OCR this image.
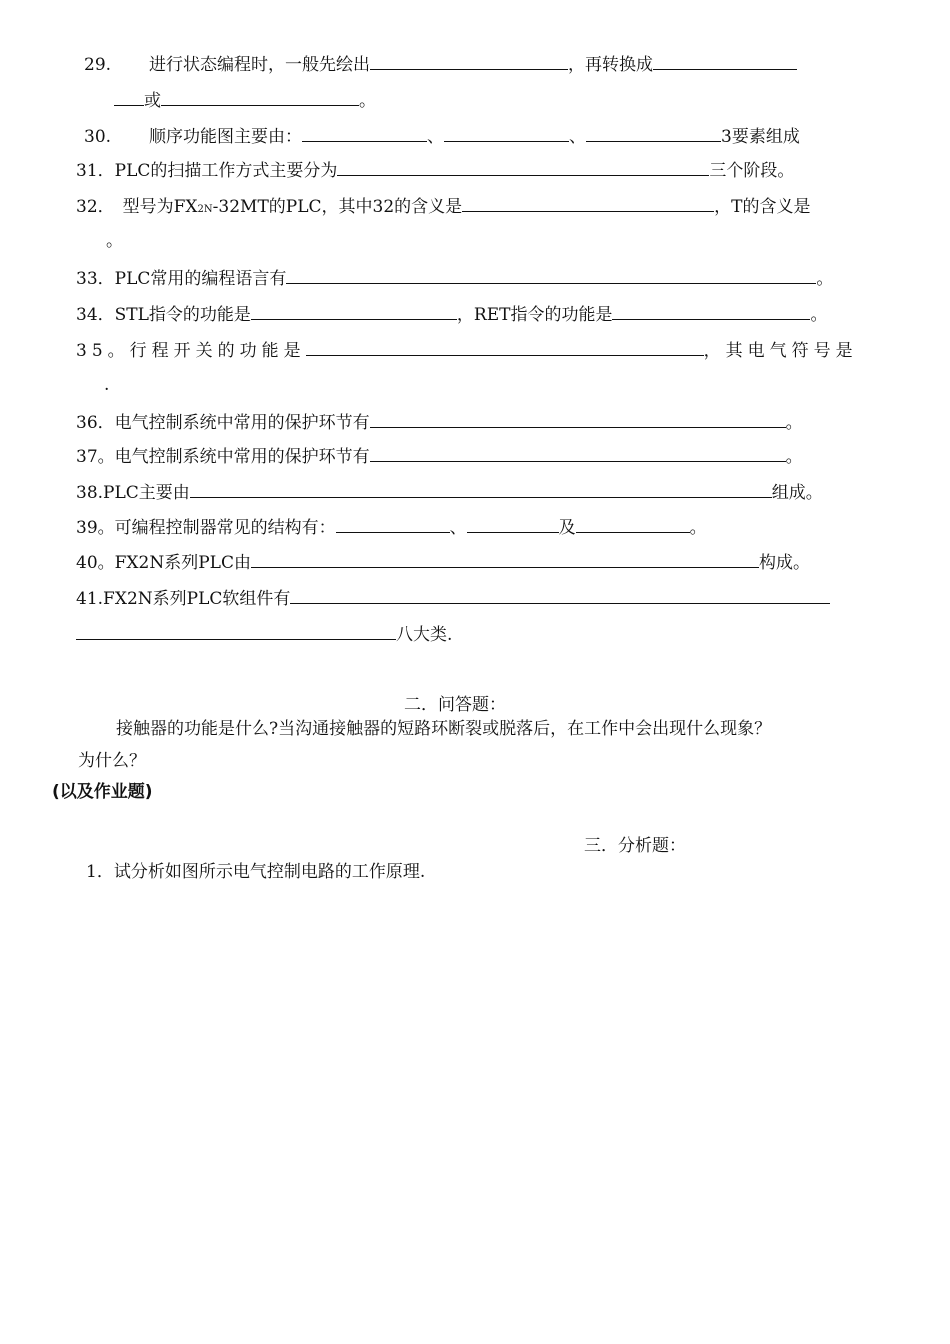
29. 进行状态编程时，一般先绘出	，再转换成
或	。
30. 顺序功能图主要由：	、	、	3要素组成
31．PLC的扫描工作方式主要分为	三个阶段。
32． 型号为FX2N-32MT的PLC，其中32的含义是	，T的含义是
。
33．PLC常用的编程语言有	。
34．STL指令的功能是	，RET指令的功能是	。
35。行程开关的功能是	，其电气符号是
.
36．电气控制系统中常用的保护环节有	。
37。电气控制系统中常用的保护环节有	。
38.PLC主要由	组成。
39。可编程控制器常见的结构有：	、	及	。
40。FX2N系列PLC由	构成。
41.FX2N系列PLC软组件有
八大类.
二．问答题：
接触器的功能是什么?当沟通接触器的短路环断裂或脱落后，在工作中会出现什么现象？
为什么？
(以及作业题)
三．分析题：
1．试分析如图所示电气控制电路的工作原理.
